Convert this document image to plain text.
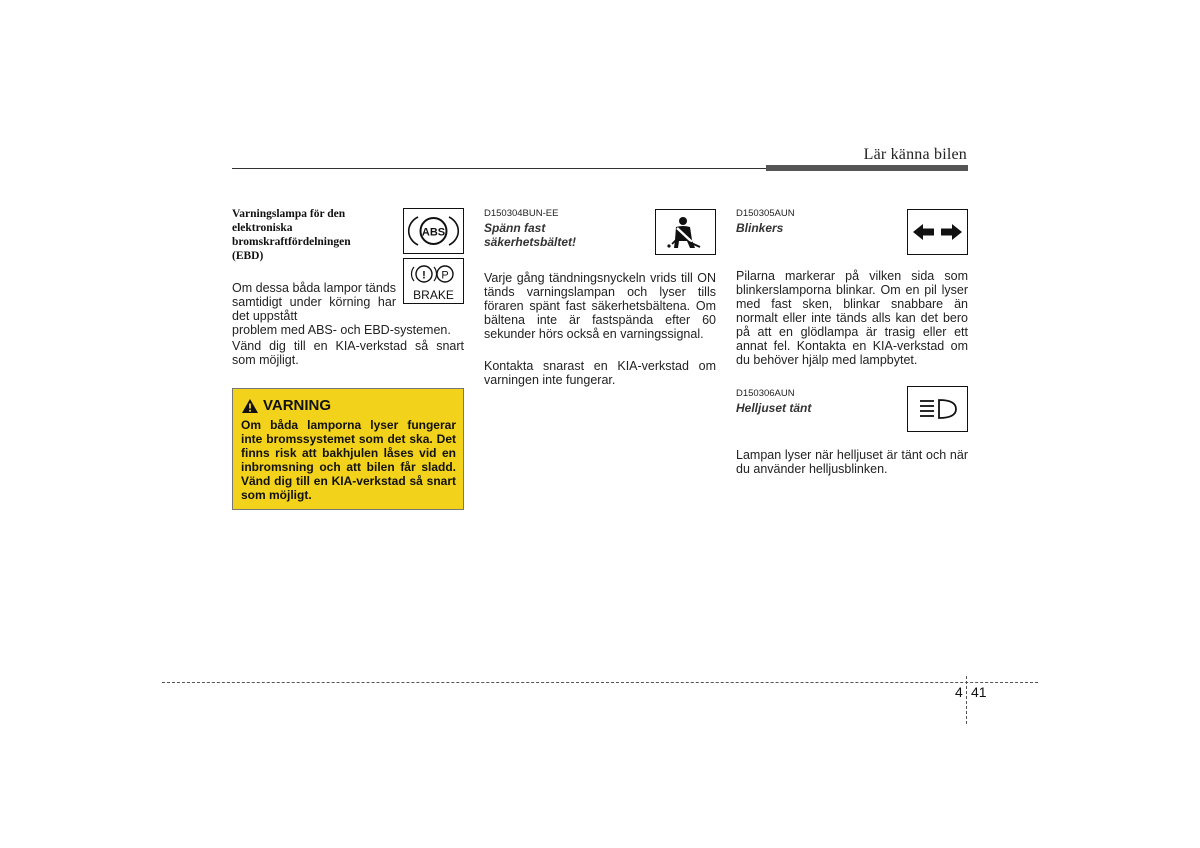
Lär känna bilen
Varningslampa för den elektroniska bromskraftfördelningen (EBD)
ABS
! P
BRAKE
Om dessa båda lampor tänds samtidigt under körning har det uppstått
problem med ABS- och EBD-systemen.
Vänd dig till en KIA-verkstad så snart som möjligt.
VARNING
Om båda lamporna lyser fungerar inte bromssystemet som det ska. Det finns risk att bakhjulen låses vid en inbromsning och att bilen får sladd. Vänd dig till en KIA-verkstad så snart som möjligt.
D150304BUN-EE
Spänn fast säkerhetsbältet!
Varje gång tändningsnyckeln vrids till ON tänds varningslampan och lyser tills föraren spänt fast säkerhetsbältena. Om bältena inte är fastspända efter 60 sekunder hörs också en varningssignal.
Kontakta snarast en KIA-verkstad om varningen inte fungerar.
D150305AUN
Blinkers
Pilarna markerar på vilken sida som blinkerslamporna blinkar. Om en pil lyser med fast sken, blinkar snabbare än normalt eller inte tänds alls kan det bero på att en glödlampa är trasig eller ett annat fel. Kontakta en KIA-verkstad om du behöver hjälp med lampbytet.
D150306AUN
Helljuset tänt
Lampan lyser när helljuset är tänt och när du använder helljusblinken.
4 41
